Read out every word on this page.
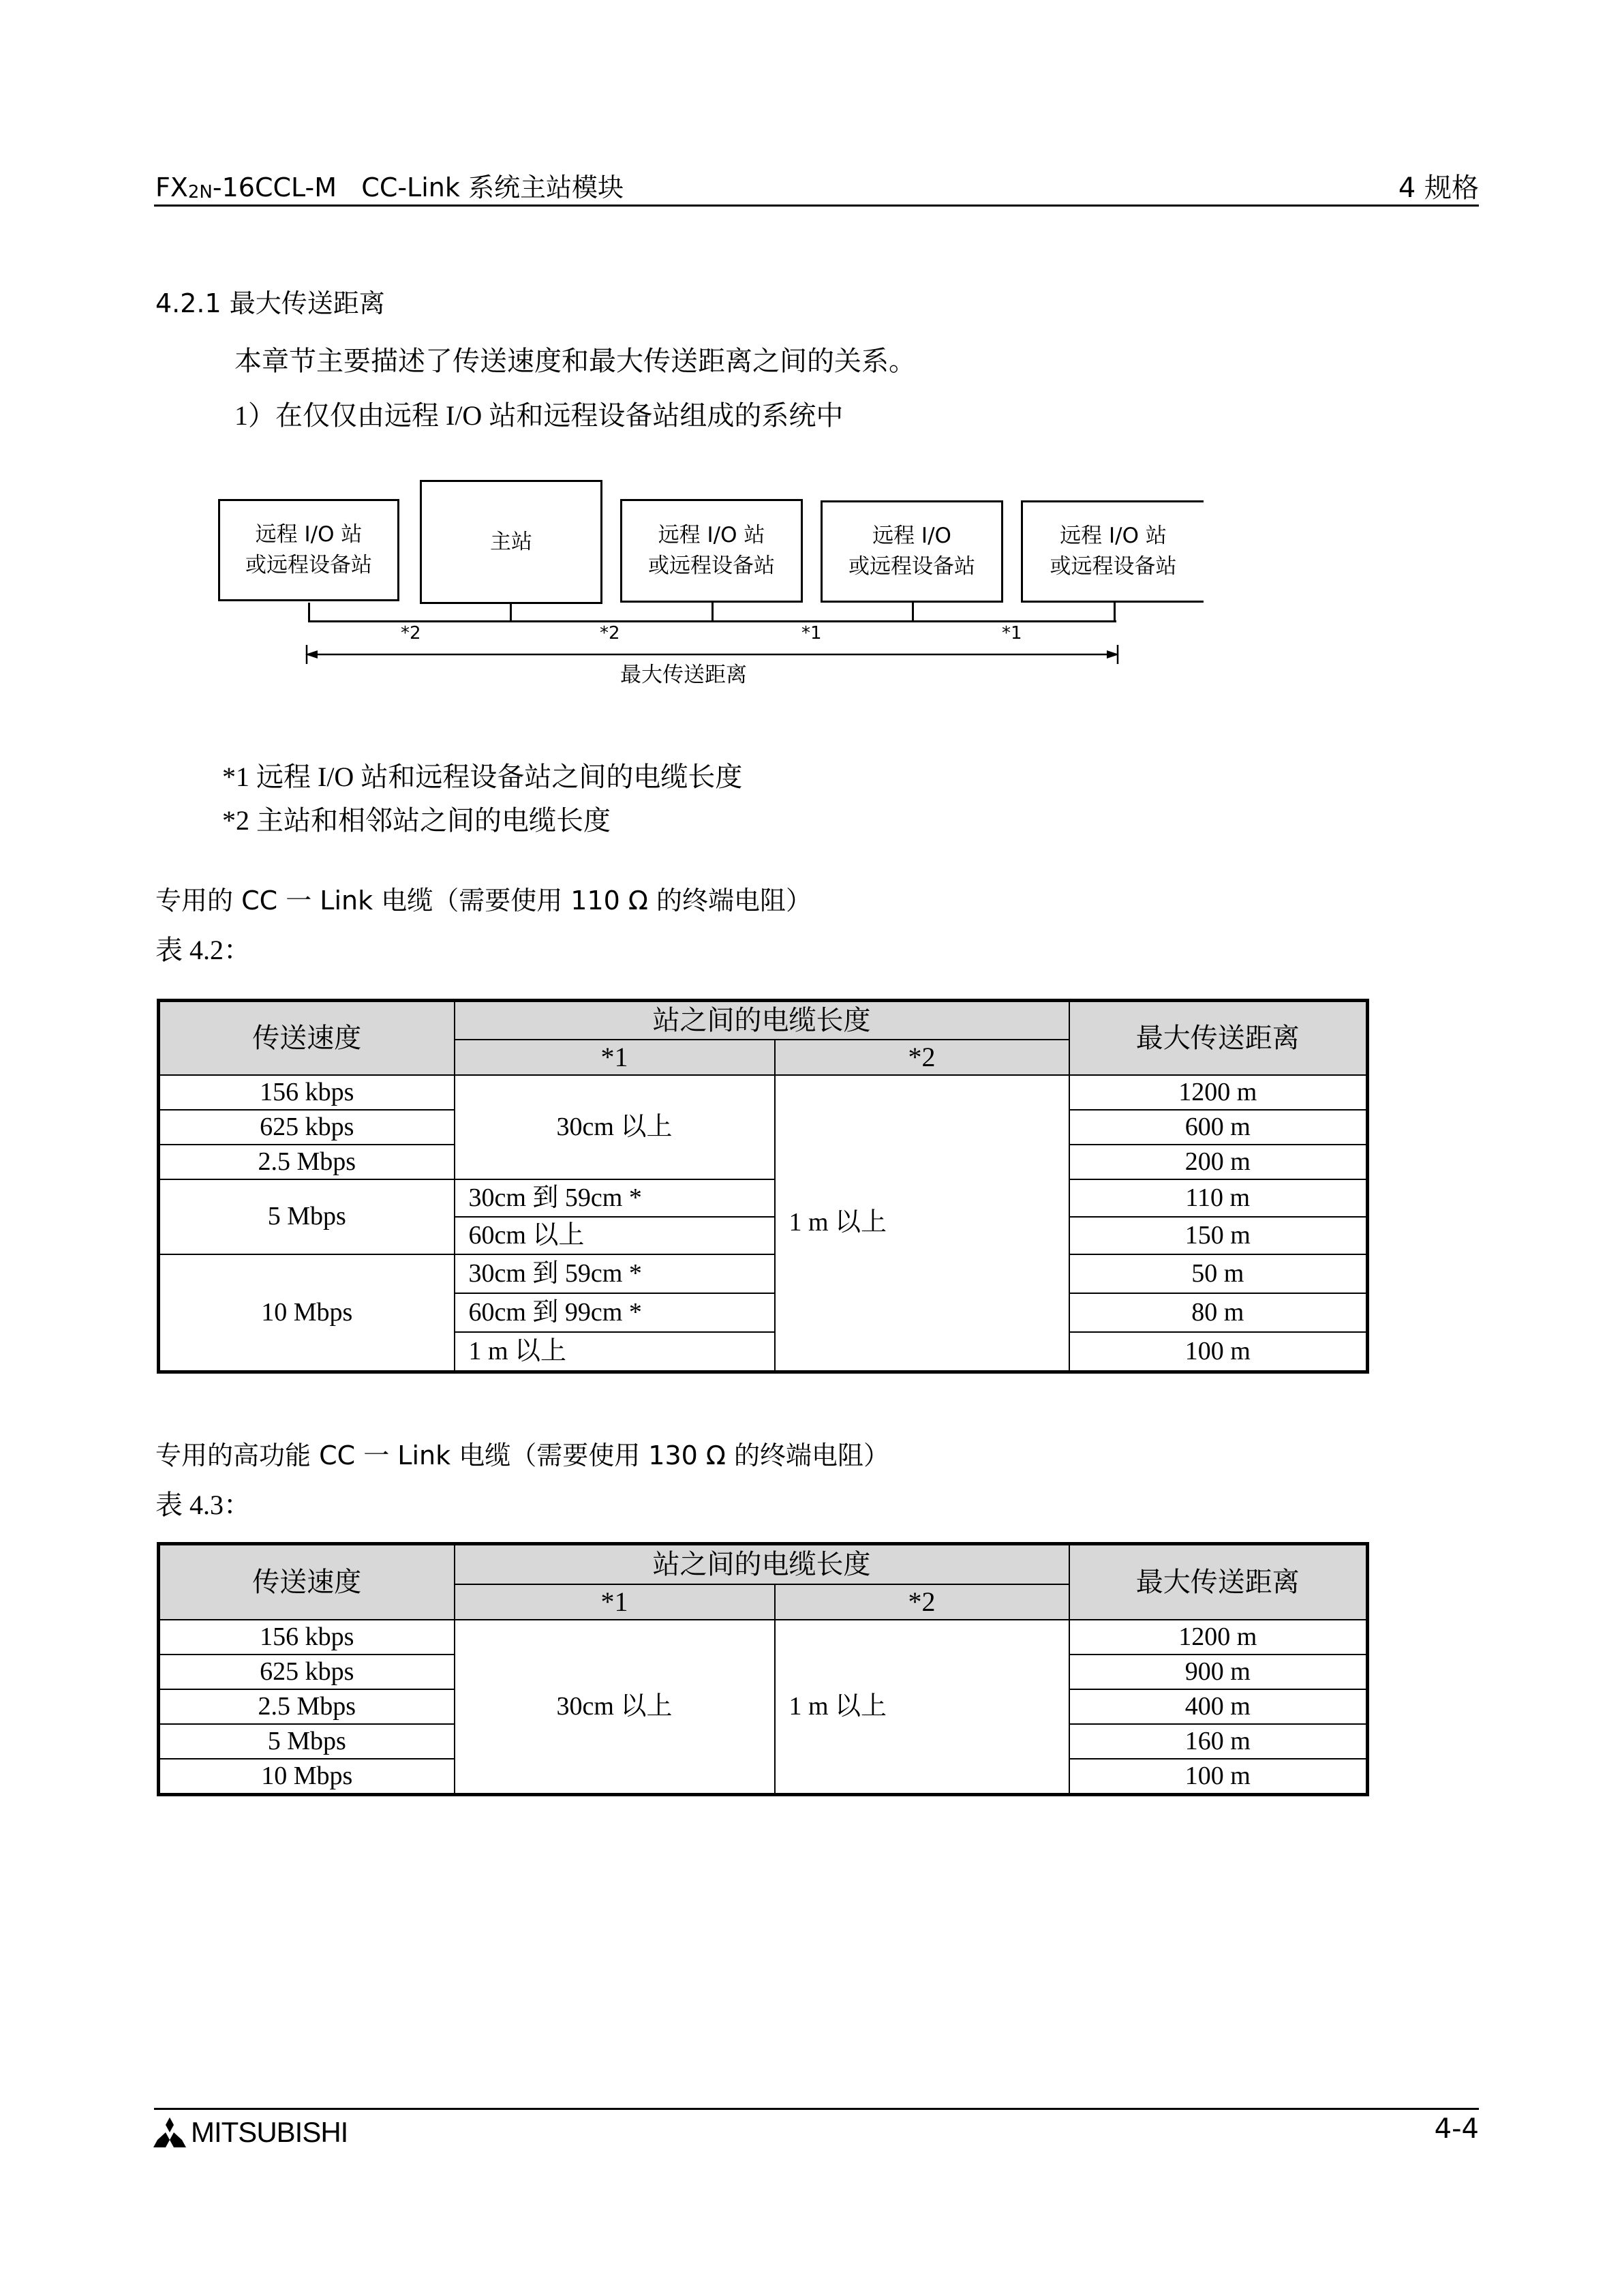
$FX_{2N}-16CCL-M$ CC-Link 系统主站模块	4 规格
4.2.1 最大传送距离
本章节主要描述了传送速度和最大传送距离之间的关系。
1）在仅仅由远程 I/O 站和远程设备站组成的系统中
远程 I/O 站
或远程设备站
主站	远程 I/O 站
或远程设备站
远程 I/O
或远程设备站
远程 I/O 站
或远程设备站
*2	*2	*1	*1
最大传送距离
*1 远程 I/O 站和远程设备站之间的电缆长度
*2 主站和相邻站之间的电缆长度
专用的 CC 一 Link 电缆（需要使用 110 Ω 的终端电阻）
表 4.2：
传送速度	站之间的电缆长度		最大传送距离
	*1	*2	
156 kbps	30cm 以上	1 m 以上	1200 m
625 kbps			600 m
2.5 Mbps			200 m
5 Mbps	30cm 到 59cm *		110 m
	60cm 以上		150 m
10 Mbps	30cm 到 59cm *		50 m
	60cm 到 99cm *		80 m
	1 m 以上		100 m
专用的高功能 CC 一 Link 电缆（需要使用 130 Ω 的终端电阻）
表 4.3：
传送速度	站之间的电缆长度		最大传送距离
	*1	*2	
156 kbps	30cm 以上	1 m 以上	1200 m
625 kbps			900 m
2.5 Mbps			400 m
5 Mbps			160 m
10 Mbps			100 m
MITSUBISHI	4-4
